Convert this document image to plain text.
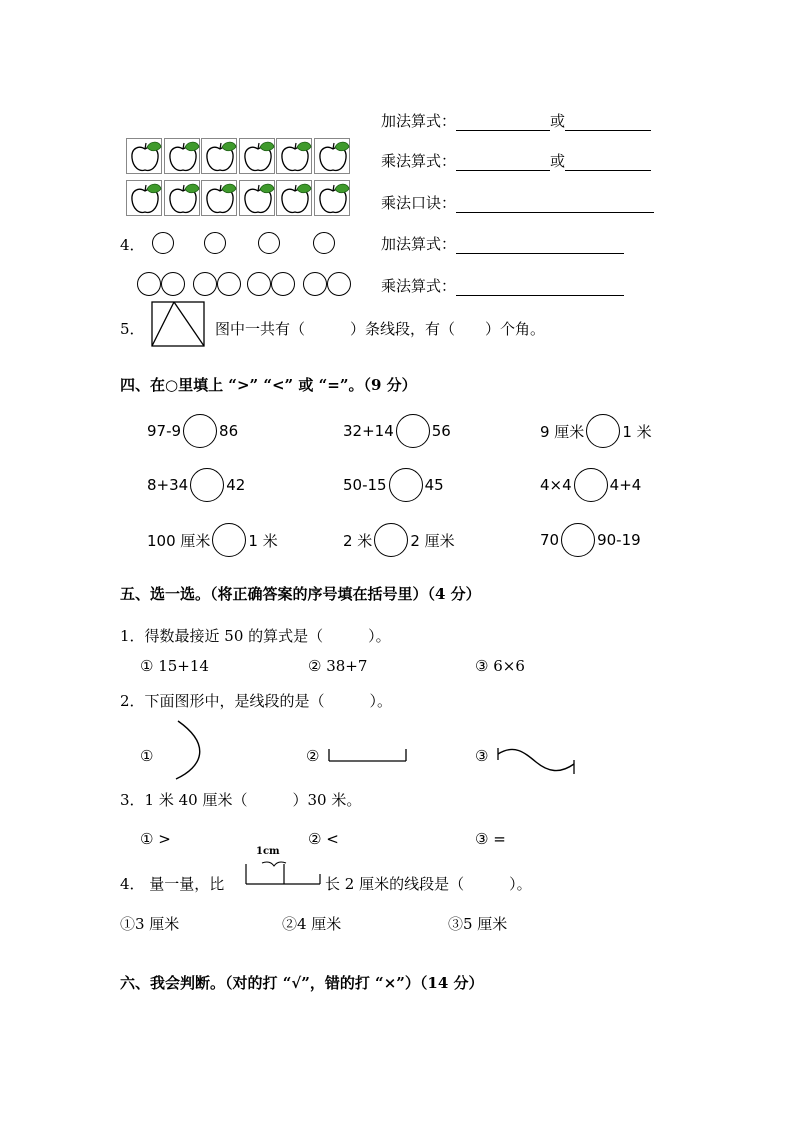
加法算式：	或
乘法算式：	或
乘法口诀：
4．	加法算式：
乘法算式：
5．	图中一共有（　　　）条线段，有（　　）个角。
四、在○里填上 “>” “<” 或 “=”。（9 分）
97-9	86	32+14	56	9 厘米	1 米
8+34	42	50-15	45	4×4	4+4
100 厘米	1 米	2 米	2 厘米	70	90-19
五、选一选。（将正确答案的序号填在括号里）（4 分）
1．得数最接近 50 的算式是（　　　）。
① 15+14	② 38+7	③ 6×6
2．下面图形中，是线段的是（　　　）。
①	②	③
3．1 米 40 厘米（　　　）30 米。
① >	② <	③ =
4． 量一量，比
1cm
长 2 厘米的线段是（　　　）。
①3 厘米	②4 厘米	③5 厘米
六、我会判断。（对的打 “√”，错的打 “×”）（14 分）
